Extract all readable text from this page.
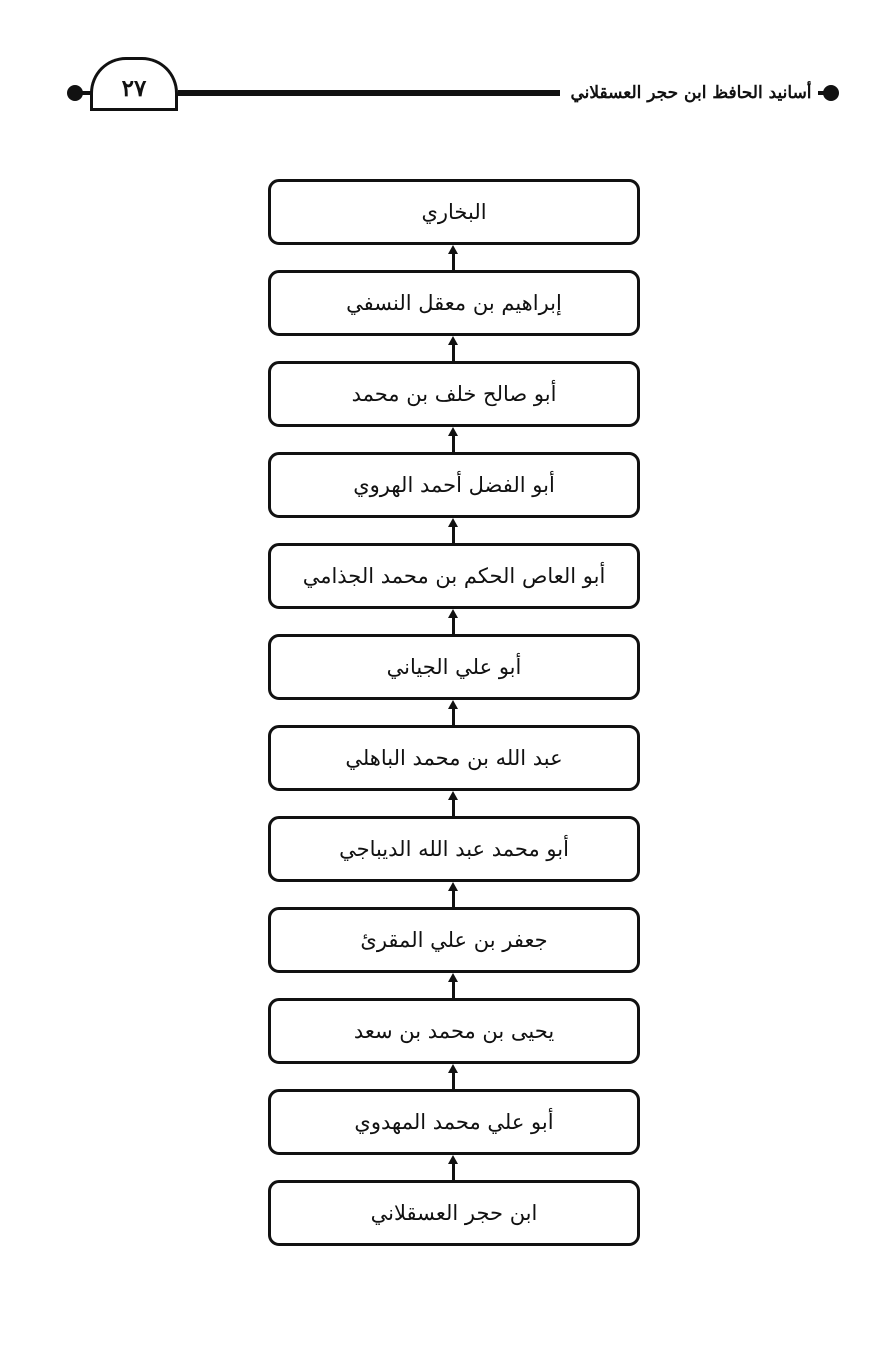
٢٧	أسانيد الحافظ ابن حجر العسقلاني
البخاري
إبراهيم بن معقل النسفي
أبو صالح خلف بن محمد
أبو الفضل أحمد الهروي
أبو العاص الحكم بن محمد الجذامي
أبو علي الجياني
عبد الله بن محمد الباهلي
أبو محمد عبد الله الديباجي
جعفر بن علي المقرئ
يحيى بن محمد بن سعد
أبو علي محمد المهدوي
ابن حجر العسقلاني
